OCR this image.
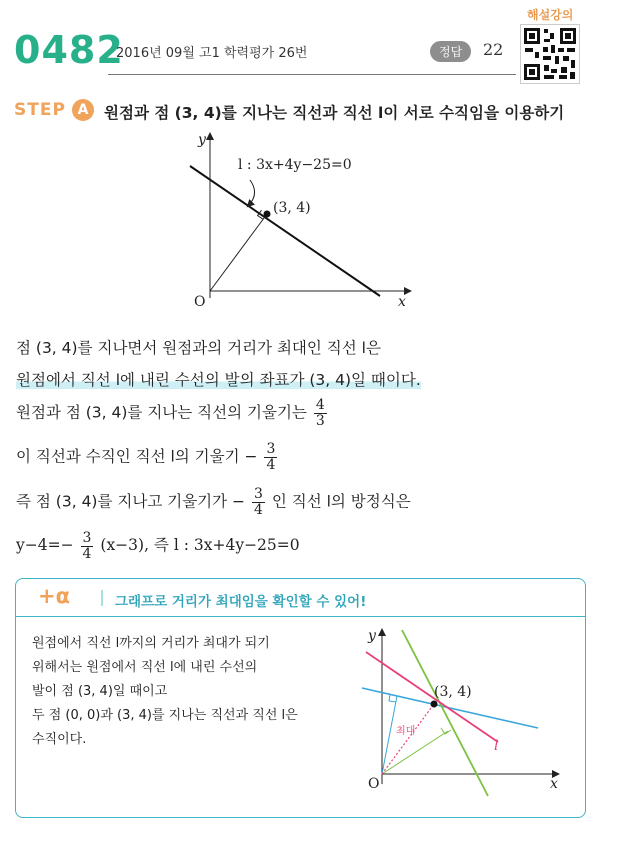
0482
2016년 09월 고1 학력평가 26번	정답	22
해설강의
STEP A	원점과 점 (3, 4)를 지나는 직선과 직선 l이 서로 수직임을 이용하기
y
x
O
l : 3x+4y−25=0
(3, 4)
점 (3, 4)를 지나면서 원점과의 거리가 최대인 직선 l은
원점에서 직선 l에 내린 수선의 발의 좌표가 (3, 4)일 때이다.
원점과 점 (3, 4)를 지나는 직선의 기울기는 $\frac{4}{3}$
이 직선과 수직인 직선 l의 기울기 − $\frac{3}{4}$
즉 점 (3, 4)를 지나고 기울기가 − $\frac{3}{4}$ 인 직선 l의 방정식은
$y-4=- \frac{3}{4} (x-3)$, 즉 l : 3x+4y−25=0
+α	그래프로 거리가 최대임을 확인할 수 있어!
원점에서 직선 l까지의 거리가 최대가 되기
위해서는 원점에서 직선 l에 내린 수선의
발이 점 (3, 4)일 때이고
두 점 (0, 0)과 (3, 4)를 지나는 직선과 직선 l은
수직이다.
y
x
O
(3, 4)
l
최대
